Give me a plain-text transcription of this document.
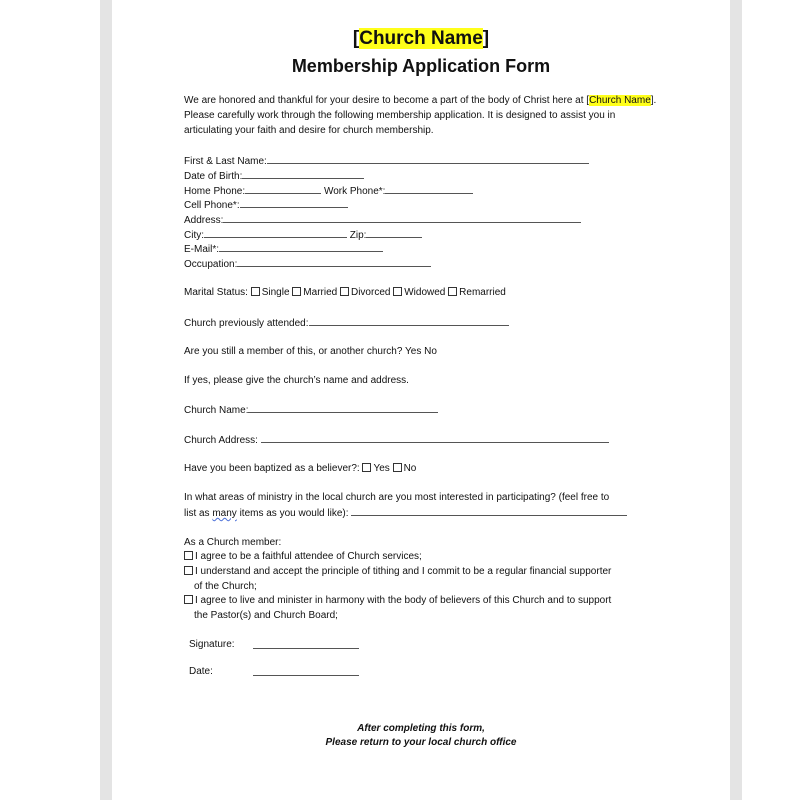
[Church Name]
Membership Application Form

We are honored and thankful for your desire to become a part of the body of Christ here at [Church Name]. Please carefully work through the following membership application. It is designed to assist you in articulating your faith and desire for church membership.

First & Last Name:
Date of Birth:
Home Phone:	Work Phone*:
Cell Phone*:
Address:
City:	Zip:
E-Mail*:
Occupation:
Marital Status: Single Married Divorced Widowed Remarried
Church previously attended:
Are you still a member of this, or another church? Yes No
If yes, please give the church’s name and address.
Church Name:
Church Address:
Have you been baptized as a believer?: Yes No
In what areas of ministry in the local church are you most interested in participating? (feel free to
list as many items as you would like):
As a Church member:
I agree to be a faithful attendee of Church services;
I understand and accept the principle of tithing and I commit to be a regular financial supporter
of the Church;
I agree to live and minister in harmony with the body of believers of this Church and to support
the Pastor(s) and Church Board;
Signature:
Date:
After completing this form,
Please return to your local church office
